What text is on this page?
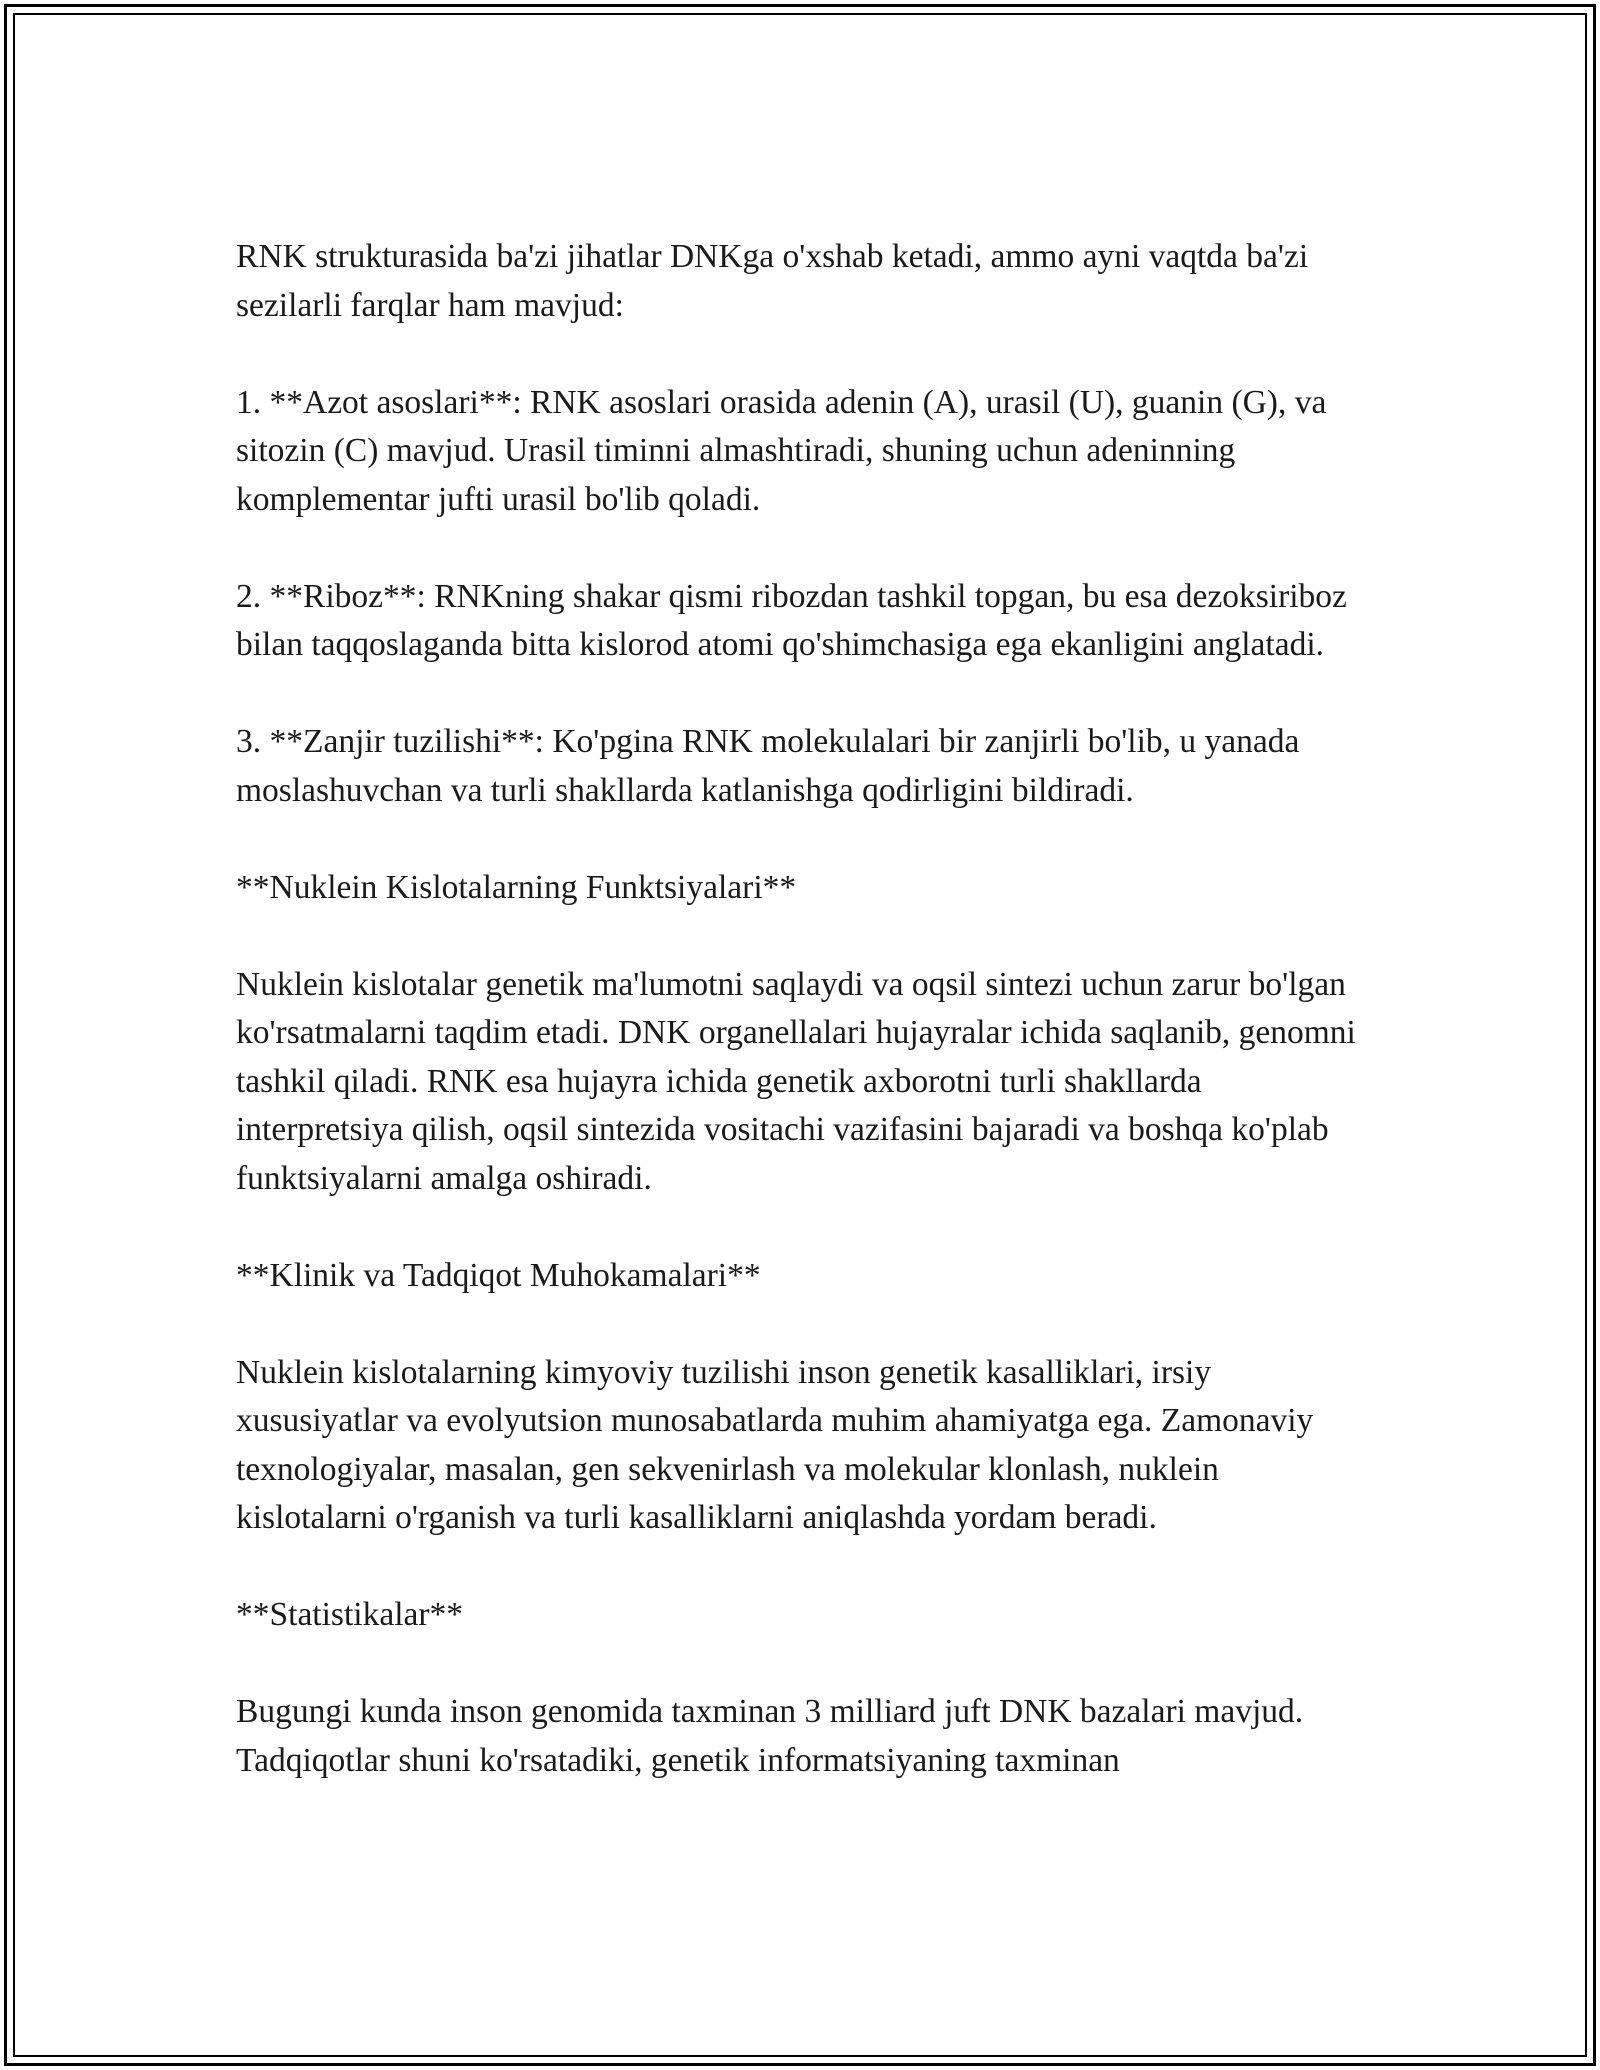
RNK strukturasida ba'zi jihatlar DNKga o'xshab ketadi, ammo ayni vaqtda ba'zi sezilarli farqlar ham mavjud:

1. **Azot asoslari**: RNK asoslari orasida adenin (A), urasil (U), guanin (G), va sitozin (C) mavjud. Urasil timinni almashtiradi, shuning uchun adeninning komplementar jufti urasil bo'lib qoladi.

2. **Riboz**: RNKning shakar qismi ribozdan tashkil topgan, bu esa dezoksiriboz bilan taqqoslaganda bitta kislorod atomi qo'shimchasiga ega ekanligini anglatadi.

3. **Zanjir tuzilishi**: Ko'pgina RNK molekulalari bir zanjirli bo'lib, u yanada moslashuvchan va turli shakllarda katlanishga qodirligini bildiradi.

**Nuklein Kislotalarning Funktsiyalari**

Nuklein kislotalar genetik ma'lumotni saqlaydi va oqsil sintezi uchun zarur bo'lgan ko'rsatmalarni taqdim etadi. DNK organellalari hujayralar ichida saqlanib, genomni tashkil qiladi. RNK esa hujayra ichida genetik axborotni turli shakllarda interpretsiya qilish, oqsil sintezida vositachi vazifasini bajaradi va boshqa ko'plab funktsiyalarni amalga oshiradi.

**Klinik va Tadqiqot Muhokamalari**

Nuklein kislotalarning kimyoviy tuzilishi inson genetik kasalliklari, irsiy xususiyatlar va evolyutsion munosabatlarda muhim ahamiyatga ega. Zamonaviy texnologiyalar, masalan, gen sekvenirlash va molekular klonlash, nuklein kislotalarni o'rganish va turli kasalliklarni aniqlashda yordam beradi.

**Statistikalar**

Bugungi kunda inson genomida taxminan 3 milliard juft DNK bazalari mavjud. Tadqiqotlar shuni ko'rsatadiki, genetik informatsiyaning taxminan
